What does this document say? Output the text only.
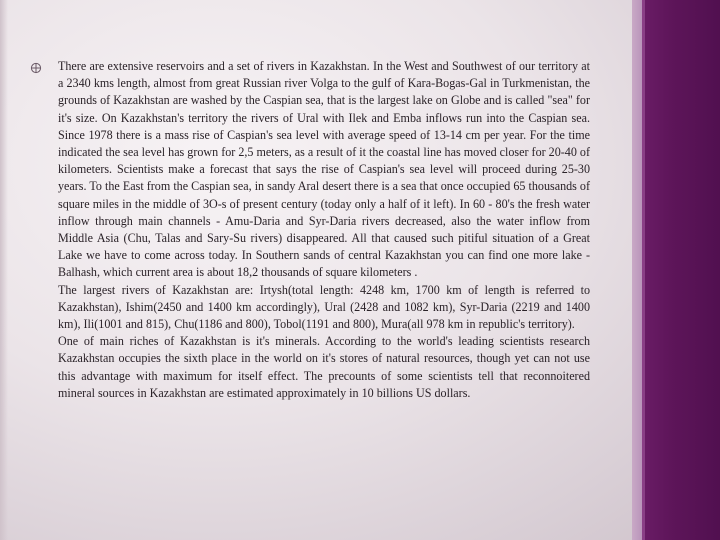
There are extensive reservoirs and a set of rivers in Kazakhstan. In the West and Southwest of our territory at a 2340 kms length, almost from great Russian river Volga to the gulf of Kara-Bogas-Gal in Turkmenistan, the grounds of Kazakhstan are washed by the Caspian sea, that is the largest lake on Globe and is called "sea" for it's size. On Kazakhstan's territory the rivers of Ural with Ilek and Emba inflows run into the Caspian sea. Since 1978 there is a mass rise of Caspian's sea level with average speed of 13-14 cm per year. For the time indicated the sea level has grown for 2,5 meters, as a result of it the coastal line has moved closer for 20-40 of kilometers. Scientists make a forecast that says the rise of Caspian's sea level will proceed during 25-30 years. To the East from the Caspian sea, in sandy Aral desert there is a sea that once occupied 65 thousands of square miles in the middle of 3O-s of present century (today only a half of it left). In 60 - 80's the fresh water inflow through main channels - Amu-Daria and Syr-Daria rivers decreased, also the water inflow from Middle Asia (Chu, Talas and Sary-Su rivers) disappeared. All that caused such pitiful situation of a Great Lake we have to come across today. In Southern sands of central Kazakhstan you can find one more lake - Balhash, which current area is about 18,2 thousands of square kilometers .

The largest rivers of Kazakhstan are: Irtysh(total length: 4248 km, 1700 km of length is referred to Kazakhstan), Ishim(2450 and 1400 km accordingly), Ural (2428 and 1082 km), Syr-Daria (2219 and 1400 km), Ili(1001 and 815), Chu(1186 and 800), Tobol(1191 and 800), Mura(all 978 km in republic's territory).

One of main riches of Kazakhstan is it's minerals. According to the world's leading scientists research Kazakhstan occupies the sixth place in the world on it's stores of natural resources, though yet can not use this advantage with maximum for itself effect. The precounts of some scientists tell that reconnoitered mineral sources in Kazakhstan are estimated approximately in 10 billions US dollars.
